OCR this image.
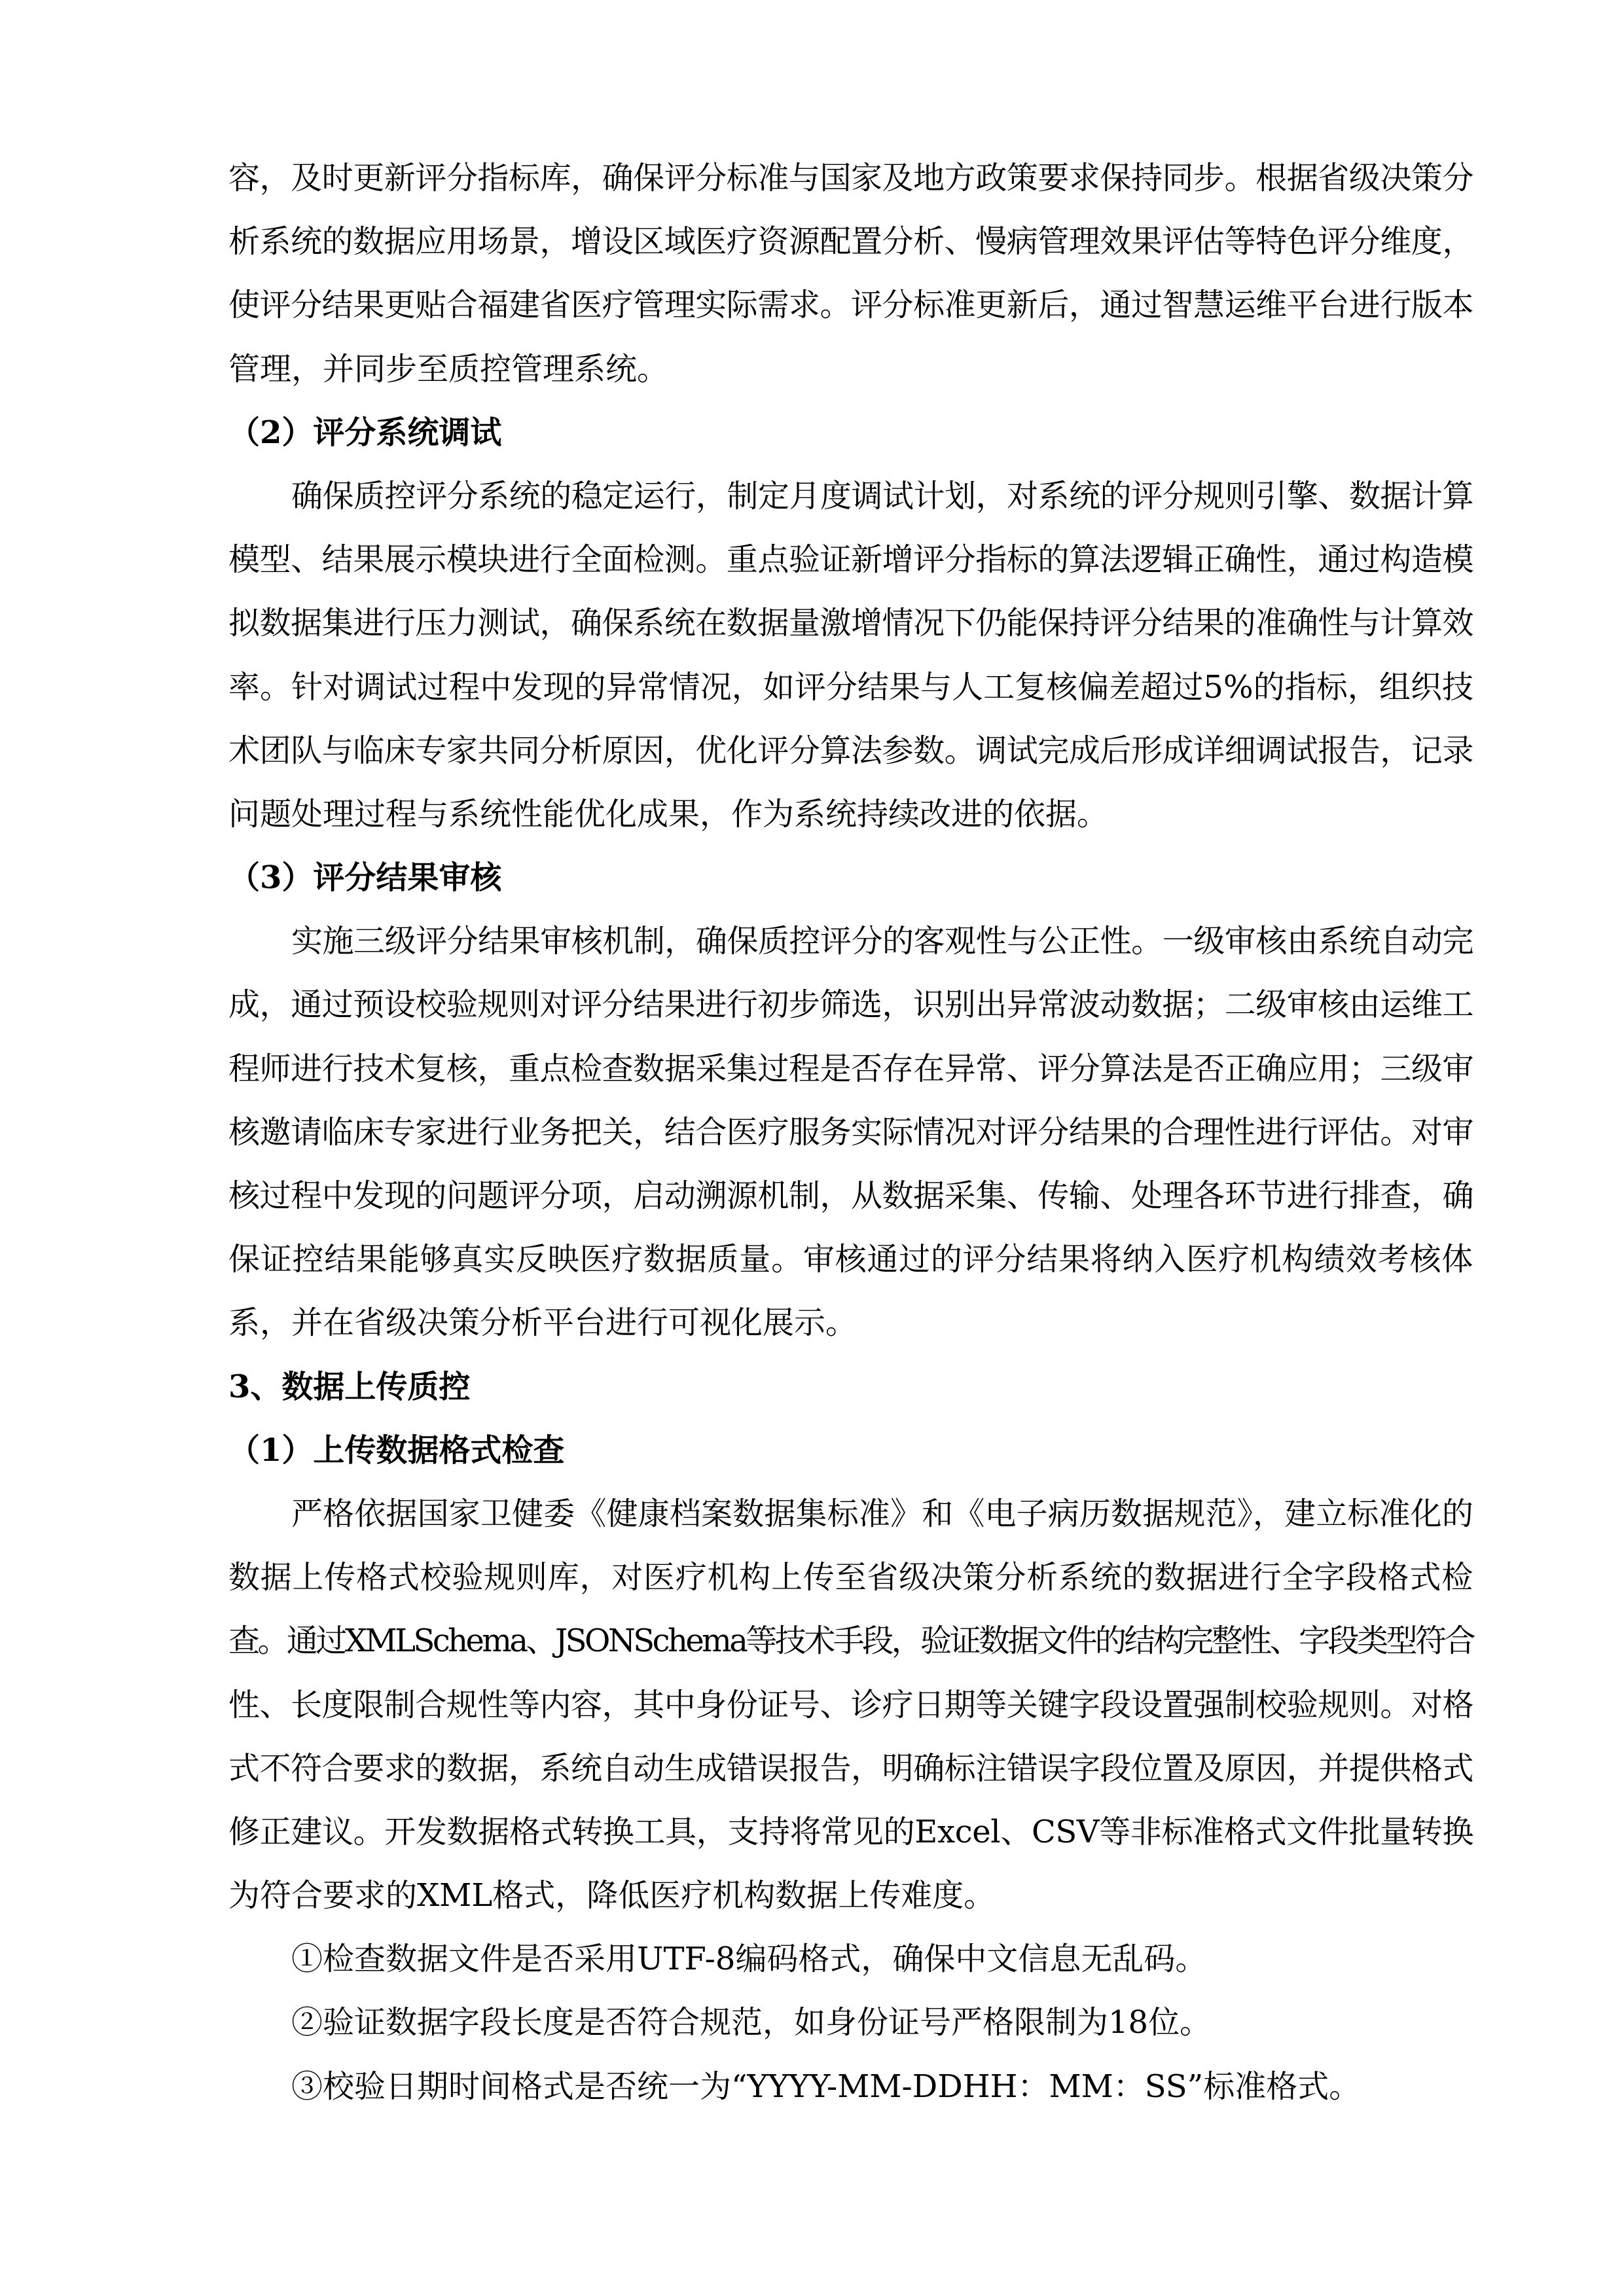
容，及时更新评分指标库，确保评分标准与国家及地方政策要求保持同步。根据省级决策分
析系统的数据应用场景，增设区域医疗资源配置分析、慢病管理效果评估等特色评分维度，
使评分结果更贴合福建省医疗管理实际需求。评分标准更新后，通过智慧运维平台进行版本
管理，并同步至质控管理系统。
（2）评分系统调试
确保质控评分系统的稳定运行，制定月度调试计划，对系统的评分规则引擎、数据计算
模型、结果展示模块进行全面检测。重点验证新增评分指标的算法逻辑正确性，通过构造模
拟数据集进行压力测试，确保系统在数据量激增情况下仍能保持评分结果的准确性与计算效
率。针对调试过程中发现的异常情况，如评分结果与人工复核偏差超过5%的指标，组织技
术团队与临床专家共同分析原因，优化评分算法参数。调试完成后形成详细调试报告，记录
问题处理过程与系统性能优化成果，作为系统持续改进的依据。
（3）评分结果审核
实施三级评分结果审核机制，确保质控评分的客观性与公正性。一级审核由系统自动完
成，通过预设校验规则对评分结果进行初步筛选，识别出异常波动数据；二级审核由运维工
程师进行技术复核，重点检查数据采集过程是否存在异常、评分算法是否正确应用；三级审
核邀请临床专家进行业务把关，结合医疗服务实际情况对评分结果的合理性进行评估。对审
核过程中发现的问题评分项，启动溯源机制，从数据采集、传输、处理各环节进行排查，确
保证控结果能够真实反映医疗数据质量。审核通过的评分结果将纳入医疗机构绩效考核体
系，并在省级决策分析平台进行可视化展示。
3、数据上传质控
（1）上传数据格式检查
严格依据国家卫健委《健康档案数据集标准》和《电子病历数据规范》，建立标准化的
数据上传格式校验规则库，对医疗机构上传至省级决策分析系统的数据进行全字段格式检
查。通过XMLSchema、JSONSchema等技术手段，验证数据文件的结构完整性、字段类型符合
性、长度限制合规性等内容，其中身份证号、诊疗日期等关键字段设置强制校验规则。对格
式不符合要求的数据，系统自动生成错误报告，明确标注错误字段位置及原因，并提供格式
修正建议。开发数据格式转换工具，支持将常见的Excel、CSV等非标准格式文件批量转换
为符合要求的XML格式，降低医疗机构数据上传难度。
①检查数据文件是否采用UTF-8编码格式，确保中文信息无乱码。
②验证数据字段长度是否符合规范，如身份证号严格限制为18位。
③校验日期时间格式是否统一为“YYYY-MM-DDHH：MM：SS”标准格式。
